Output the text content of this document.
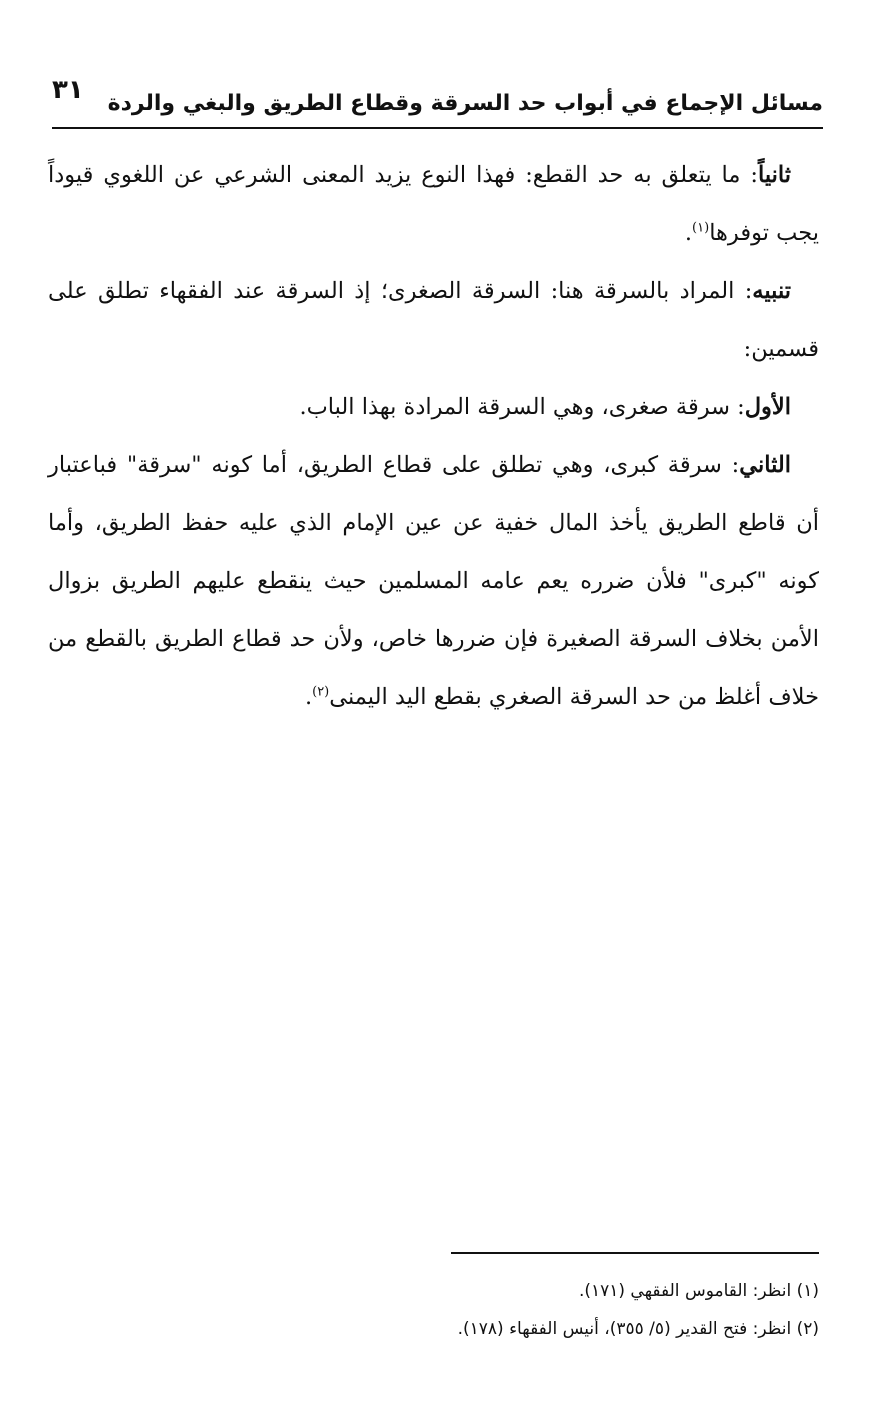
مسائل الإجماع في أبواب حد السرقة وقطاع الطريق والبغي والردة
٣١

ثانياً: ما يتعلق به حد القطع: فهذا النوع يزيد المعنى الشرعي عن اللغوي قيوداً يجب توفرها$^{(١)}$.

تنبيه: المراد بالسرقة هنا: السرقة الصغرى؛ إذ السرقة عند الفقهاء تطلق على قسمين:

الأول: سرقة صغرى، وهي السرقة المرادة بهذا الباب.

الثاني: سرقة كبرى، وهي تطلق على قطاع الطريق، أما كونه "سرقة" فباعتبار أن قاطع الطريق يأخذ المال خفية عن عين الإمام الذي عليه حفظ الطريق، وأما كونه "كبرى" فلأن ضرره يعم عامه المسلمين حيث ينقطع عليهم الطريق بزوال الأمن بخلاف السرقة الصغيرة فإن ضررها خاص، ولأن حد قطاع الطريق بالقطع من خلاف أغلظ من حد السرقة الصغري بقطع اليد اليمنى$^{(٢)}$.

(١) انظر: القاموس الفقهي (١٧١).

(٢) انظر: فتح القدير (٥/ ٣٥٥)، أنيس الفقهاء (١٧٨).
